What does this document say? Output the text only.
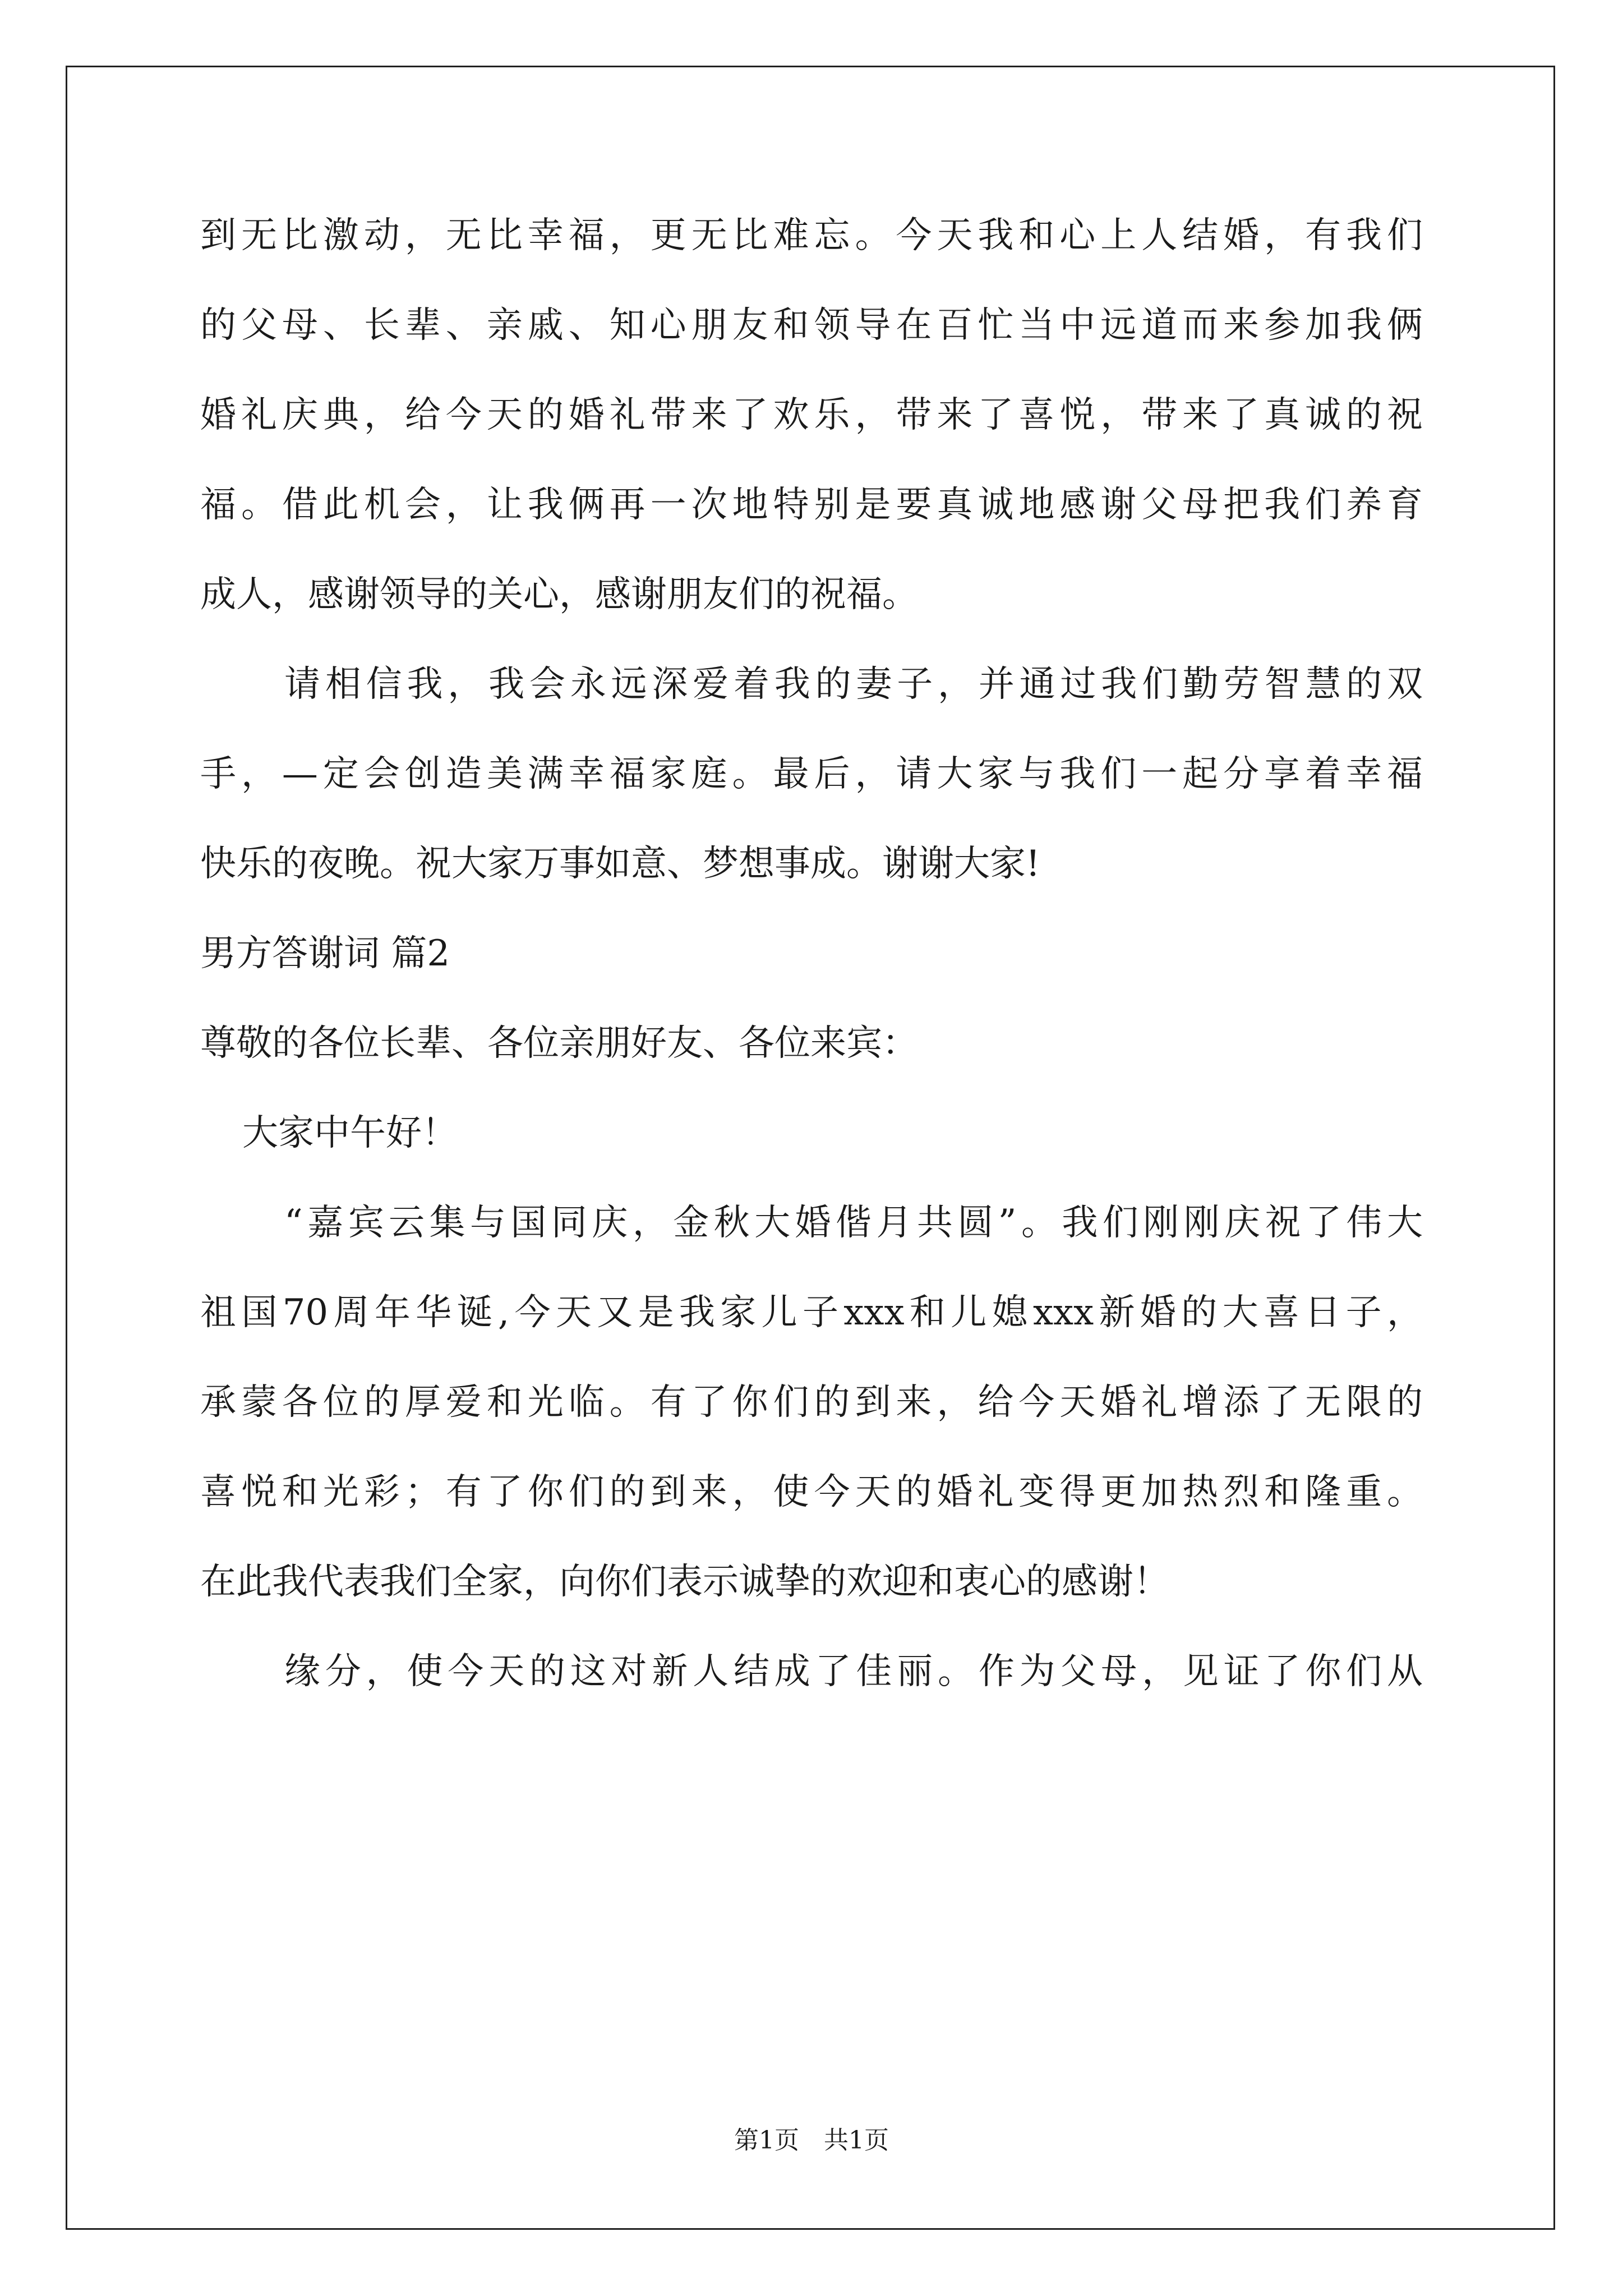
到无比激动，无比幸福，更无比难忘。今天我和心上人结婚，有我们
的父母、长辈、亲戚、知心朋友和领导在百忙当中远道而来参加我俩
婚礼庆典，给今天的婚礼带来了欢乐，带来了喜悦，带来了真诚的祝
福。借此机会，让我俩再一次地特别是要真诚地感谢父母把我们养育
成人，感谢领导的关心，感谢朋友们的祝福。
请相信我，我会永远深爱着我的妻子，并通过我们勤劳智慧的双
手，—定会创造美满幸福家庭。最后，请大家与我们一起分享着幸福
快乐的夜晚。祝大家万事如意、梦想事成。谢谢大家!
男方答谢词 篇2
尊敬的各位长辈、各位亲朋好友、各位来宾：
大家中午好！
“嘉宾云集与国同庆，金秋大婚偕月共圆”。我们刚刚庆祝了伟大
祖国70周年华诞,今天又是我家儿子xxx和儿媳xxx新婚的大喜日子，
承蒙各位的厚爱和光临。有了你们的到来，给今天婚礼增添了无限的
喜悦和光彩；有了你们的到来，使今天的婚礼变得更加热烈和隆重。
在此我代表我们全家，向你们表示诚挚的欢迎和衷心的感谢！
缘分，使今天的这对新人结成了佳丽。作为父母，见证了你们从
第1页　共1页
